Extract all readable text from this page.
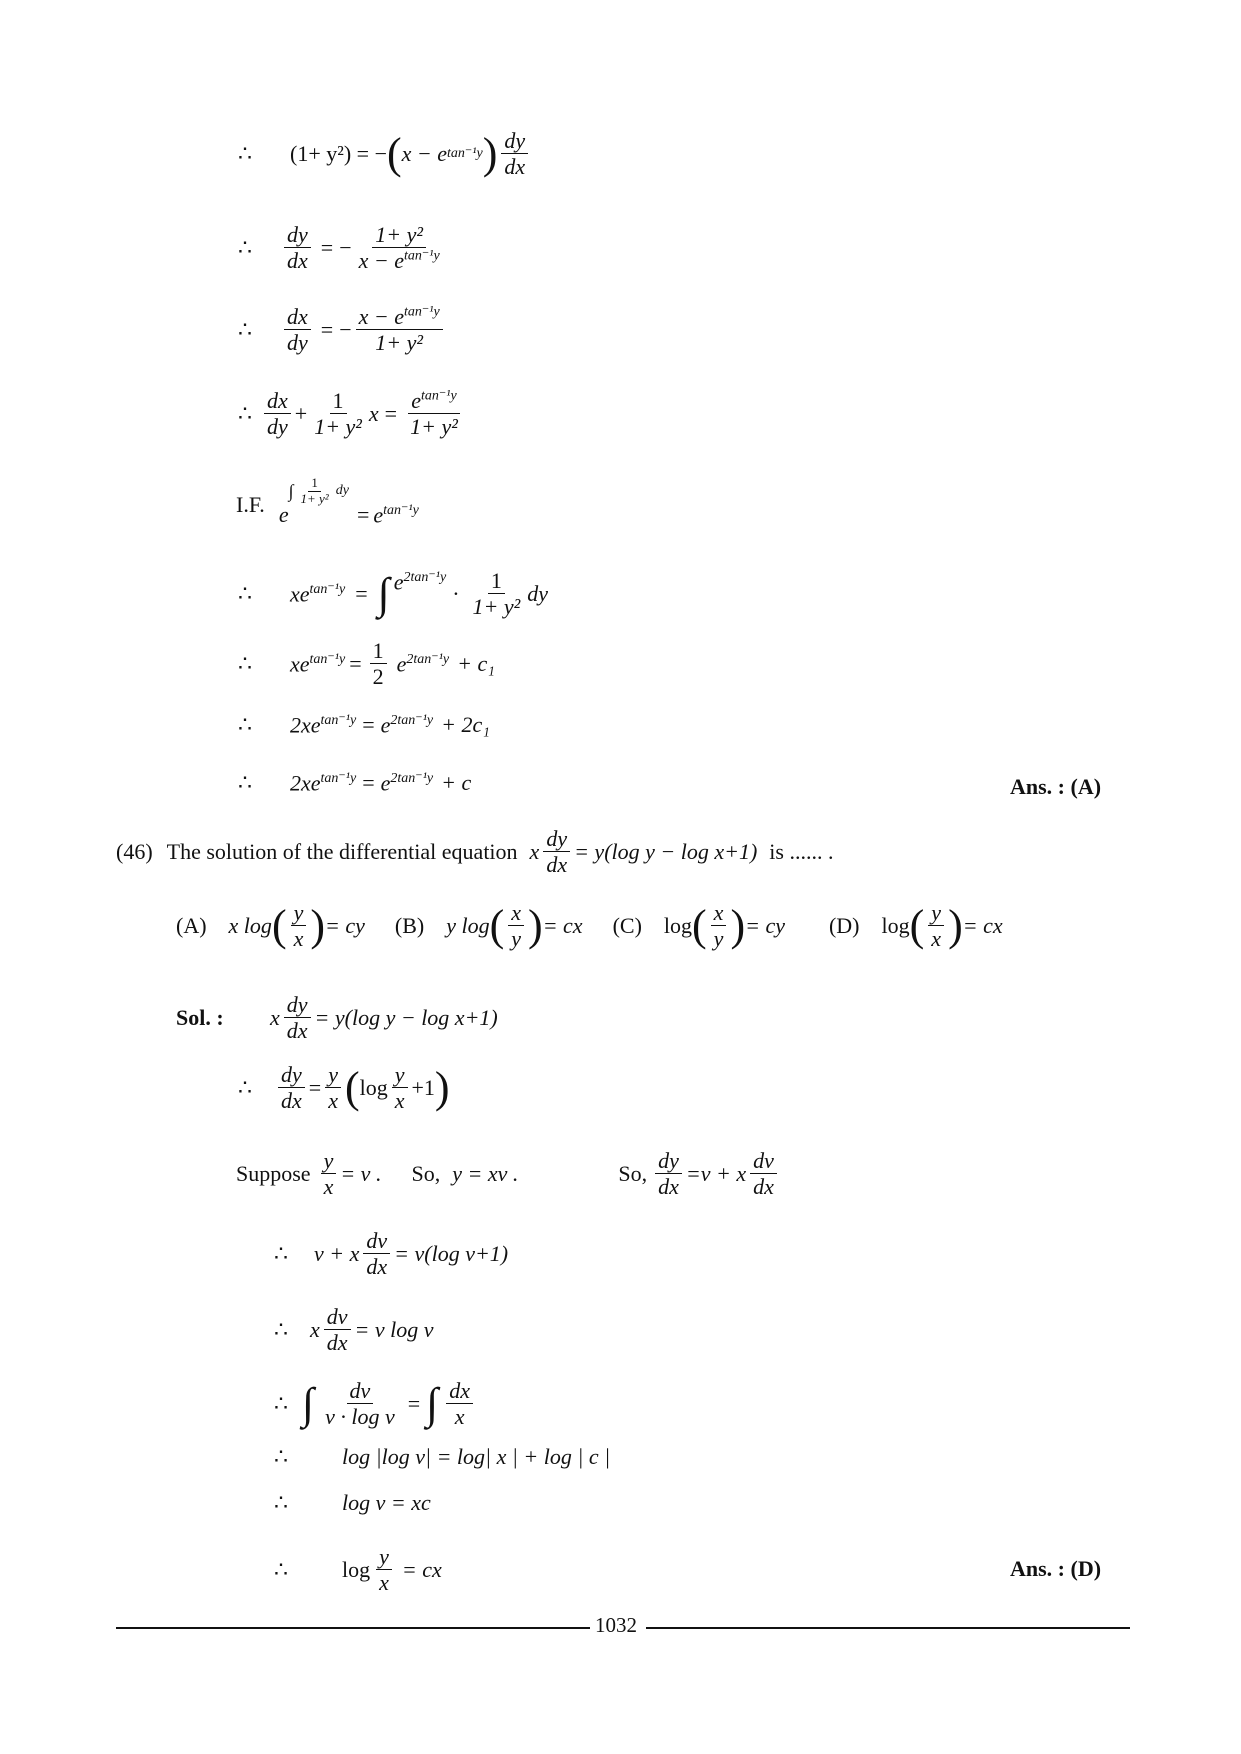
∴	(1+ y²) = − ( x − e tan⁻¹y ) dy
dx
∴	$\frac{dy}{dx}$ = − $\frac{\text{1+ y²}}{x - e^{tan^{-1}y}}$
∴	$\frac{dx}{dy}$ = − $\frac{x - e^{tan^{-1}y}}{\text{1+ y²}}$
∴
dx
dy
+ $\frac{1}{\text{1+ y²}}$ $x = \frac{e^{tan^{-1}y}}{\text{1+ y²}}$
I.F. e
∫ 1
1+ y² dy
= $e^{tan^{-1}y}$
∴	$xe^{tan^{-1}y}$ = ∫ $e^{2tan^{-1}y}$
·
1
1+ y²
dy
∴	$xe^{tan^{-1}y} = \frac{1}{2} e^{2tan^{-1}y} + c_1$
∴	$2xe^{tan^{-1}y} = e^{2tan^{-1}y} + 2c_1$
∴	$2xe^{tan^{-1}y} = e^{2tan^{-1}y} + c$	Ans. : (A)
(46) The solution of the differential equation x $\frac{dy}{dx} = y(\log$ y − log x+1) is ...... .
(A) x log ( y
x ) = cy (B) y log ( x
y ) = cx (C) log ( x
y ) = cy (D) log ( y
x ) = cx
Sol. :	x $\frac{dy}{dx} = y(\log$ y − log x+1)
∴	$\frac{dy}{dx} = \frac{y}{x}$ ( log
y
x
+1 )
Suppose $\frac{y}{x} = v$ . So, y = xv .	So, $\frac{dy}{dx} =v + x$
dv
dx
∴	v + x $\frac{dv}{dx} = v(\log$ v+1)
∴	x $\frac{dv}{dx} = v$ log v
∴ ∫ $\frac{dv}{\text{v · log v}}$ = ∫ dx
x
∴	log |log v| = log| x | + log | c |
∴	log v = xc
∴	$\log \frac{y}{x}$ = cx	Ans. : (D)
1032
